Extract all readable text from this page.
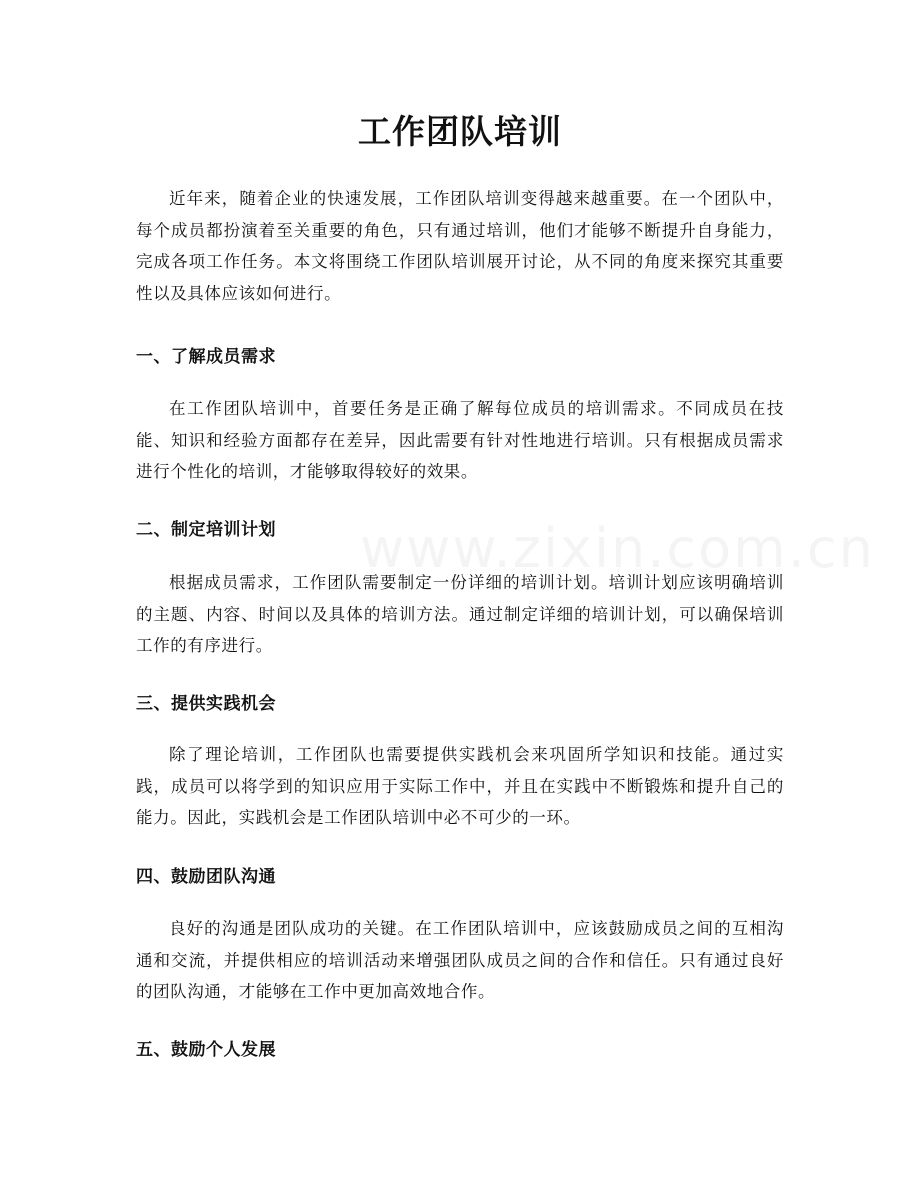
工作团队培训

近年来，随着企业的快速发展，工作团队培训变得越来越重要。在一个团队中，每个成员都扮演着至关重要的角色，只有通过培训，他们才能够不断提升自身能力，完成各项工作任务。本文将围绕工作团队培训展开讨论，从不同的角度来探究其重要性以及具体应该如何进行。

一、了解成员需求

在工作团队培训中，首要任务是正确了解每位成员的培训需求。不同成员在技能、知识和经验方面都存在差异，因此需要有针对性地进行培训。只有根据成员需求进行个性化的培训，才能够取得较好的效果。

二、制定培训计划

根据成员需求，工作团队需要制定一份详细的培训计划。培训计划应该明确培训的主题、内容、时间以及具体的培训方法。通过制定详细的培训计划，可以确保培训工作的有序进行。

三、提供实践机会

除了理论培训，工作团队也需要提供实践机会来巩固所学知识和技能。通过实践，成员可以将学到的知识应用于实际工作中，并且在实践中不断锻炼和提升自己的能力。因此，实践机会是工作团队培训中必不可少的一环。

四、鼓励团队沟通

良好的沟通是团队成功的关键。在工作团队培训中，应该鼓励成员之间的互相沟通和交流，并提供相应的培训活动来增强团队成员之间的合作和信任。只有通过良好的团队沟通，才能够在工作中更加高效地合作。

五、鼓励个人发展
